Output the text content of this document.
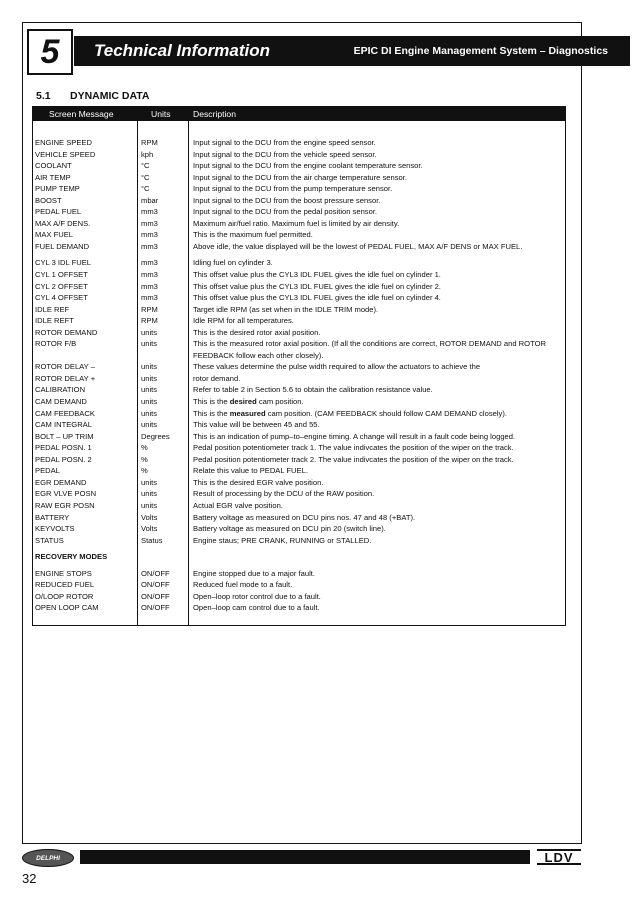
5	Technical Information	EPIC DI Engine Management System – Diagnostics
5.1 DYNAMIC DATA
Screen Message	Units	Description
ENGINE SPEED	RPM	Input signal to the DCU from the engine speed sensor.
VEHICLE SPEED	kph	Input signal to the DCU from the vehicle speed sensor.
COOLANT	°C	Input signal to the DCU from the engine coolant temperature sensor.
AIR TEMP	°C	Input signal to the DCU from the air charge temperature sensor.
PUMP TEMP	°C	Input signal to the DCU from the pump temperature sensor.
BOOST	mbar	Input signal to the DCU from the boost pressure sensor.
PEDAL FUEL	mm3	Input signal to the DCU from the pedal position sensor.
MAX A/F DENS.	mm3	Maximum air/fuel ratio. Maximum fuel is limited by air density.
MAX FUEL	mm3	This is the maximum fuel permitted.
FUEL DEMAND	mm3	Above idle, the value displayed will be the lowest of PEDAL FUEL, MAX A/F DENS or MAX FUEL.
CYL 3 IDL FUEL	mm3	Idling fuel on cylinder 3.
CYL 1 OFFSET	mm3	This offset value plus the CYL3 IDL FUEL gives the idle fuel on cylinder 1.
CYL 2 OFFSET	mm3	This offset value plus the CYL3 IDL FUEL gives the idle fuel on cylinder 2.
CYL 4 OFFSET	mm3	This offset value plus the CYL3 IDL FUEL gives the idle fuel on cylinder 4.
IDLE REF	RPM	Target idle RPM (as set when in the IDLE TRIM mode).
IDLE REFT	RPM	Idle RPM for all temperatures.
ROTOR DEMAND	units	This is the desired rotor axial position.
ROTOR F/B	units	This is the measured rotor axial position. (If all the conditions are correct, ROTOR DEMAND and ROTOR FEEDBACK follow each other closely).
ROTOR DELAY –	units	These values determine the pulse width required to allow the actuators to achieve the
ROTOR DELAY +	units	rotor demand.
CALIBRATION	units	Refer to table 2 in Section 5.6 to obtain the calibration resistance value.
CAM DEMAND	units	This is the desired cam position.
CAM FEEDBACK	units	This is the measured cam position. (CAM FEEDBACK should follow CAM DEMAND closely).
CAM INTEGRAL	units	This value will be between 45 and 55.
BOLT – UP TRIM	Degrees	This is an indication of pump–to–engine timing. A change will result in a fault code being logged.
PEDAL POSN. 1	%	Pedal position potentiometer track 1. The value indivcates the position of the wiper on the track.
PEDAL POSN. 2	%	Pedal position potentiometer track 2. The value indivcates the position of the wiper on the track.
PEDAL	%	Relate this value to PEDAL FUEL.
EGR DEMAND	units	This is the desired EGR valve position.
EGR VLVE POSN	units	Result of processing by the DCU of the RAW position.
RAW EGR POSN	units	Actual EGR valve position.
BATTERY	Volts	Battery voltage as measured on DCU pins nos. 47 and 48 (+BAT).
KEYVOLTS	Volts	Battery voltage as measured on DCU pin 20 (switch line).
STATUS	Status	Engine staus; PRE CRANK, RUNNING or STALLED.
RECOVERY MODES

ENGINE STOPS	ON/OFF	Engine stopped due to a major fault.
REDUCED FUEL	ON/OFF	Reduced fuel mode to a fault.
O/LOOP ROTOR	ON/OFF	Open–loop rotor control due to a fault.
OPEN LOOP CAM	ON/OFF	Open–loop cam control due to a fault.
DELPHI	LDV
32
